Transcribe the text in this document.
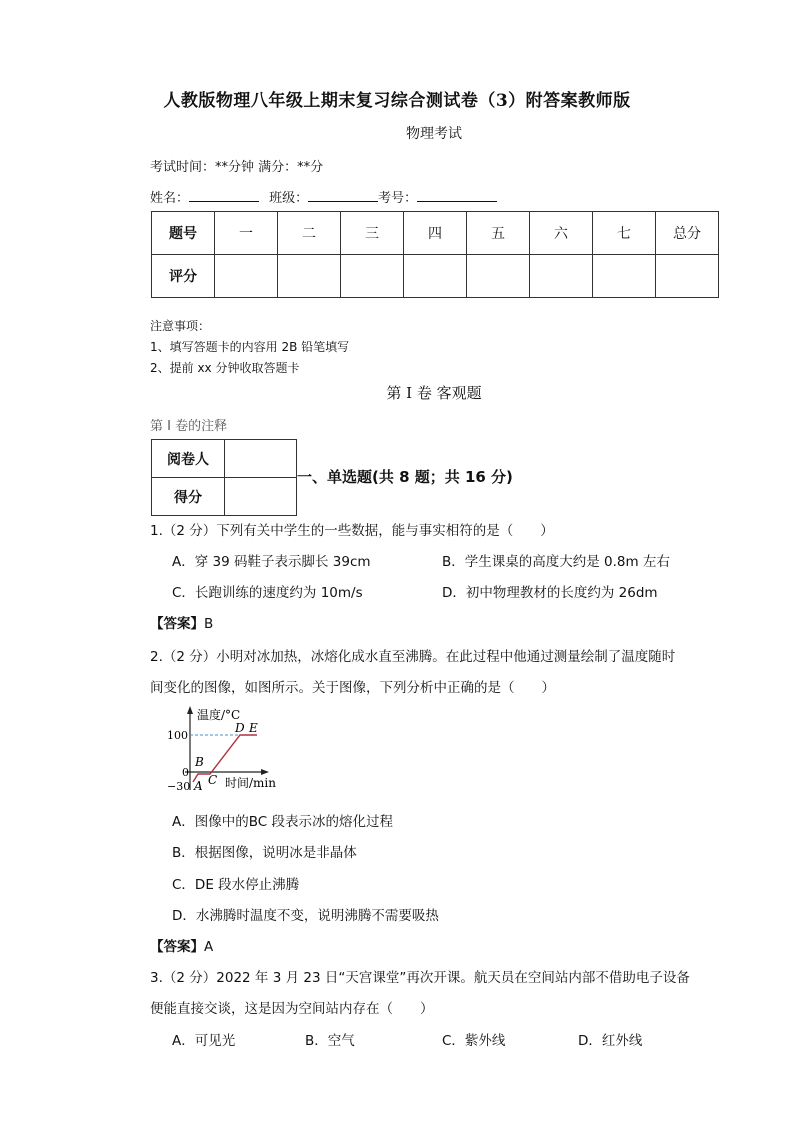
人教版物理八年级上期末复习综合测试卷（3）附答案教师版
物理考试
考试时间：**分钟 满分：**分
姓名：	班级：	考号：
题号	一	二	三	四	五	六	七	总分
评分								
注意事项：
1、填写答题卡的内容用 2B 铅笔填写
2、提前 xx 分钟收取答题卡
第 I 卷 客观题
第 I 卷的注释
阅卷人	
得分	
一、单选题(共 8 题；共 16 分)
1.（2 分）下列有关中学生的一些数据，能与事实相符的是（　　）
A．穿 39 码鞋子表示脚长 39cm	B．学生课桌的高度大约是 0.8m 左右
C．长跑训练的速度约为 10m/s	D．初中物理教材的长度约为 26dm
【答案】B
2.（2 分）小明对冰加热，冰熔化成水直至沸腾。在此过程中他通过测量绘制了温度随时
间变化的图像，如图所示。关于图像，下列分析中正确的是（　　）
温度/°C
时间/min
100
0
−30 A
B
C
D E
A．图像中的BC 段表示冰的熔化过程
B．根据图像，说明冰是非晶体
C．DE 段水停止沸腾
D．水沸腾时温度不变，说明沸腾不需要吸热
【答案】A
3.（2 分）2022 年 3 月 23 日“天宫课堂”再次开课。航天员在空间站内部不借助电子设备
便能直接交谈，这是因为空间站内存在（　　）
A．可见光	B．空气	C．紫外线	D．红外线
